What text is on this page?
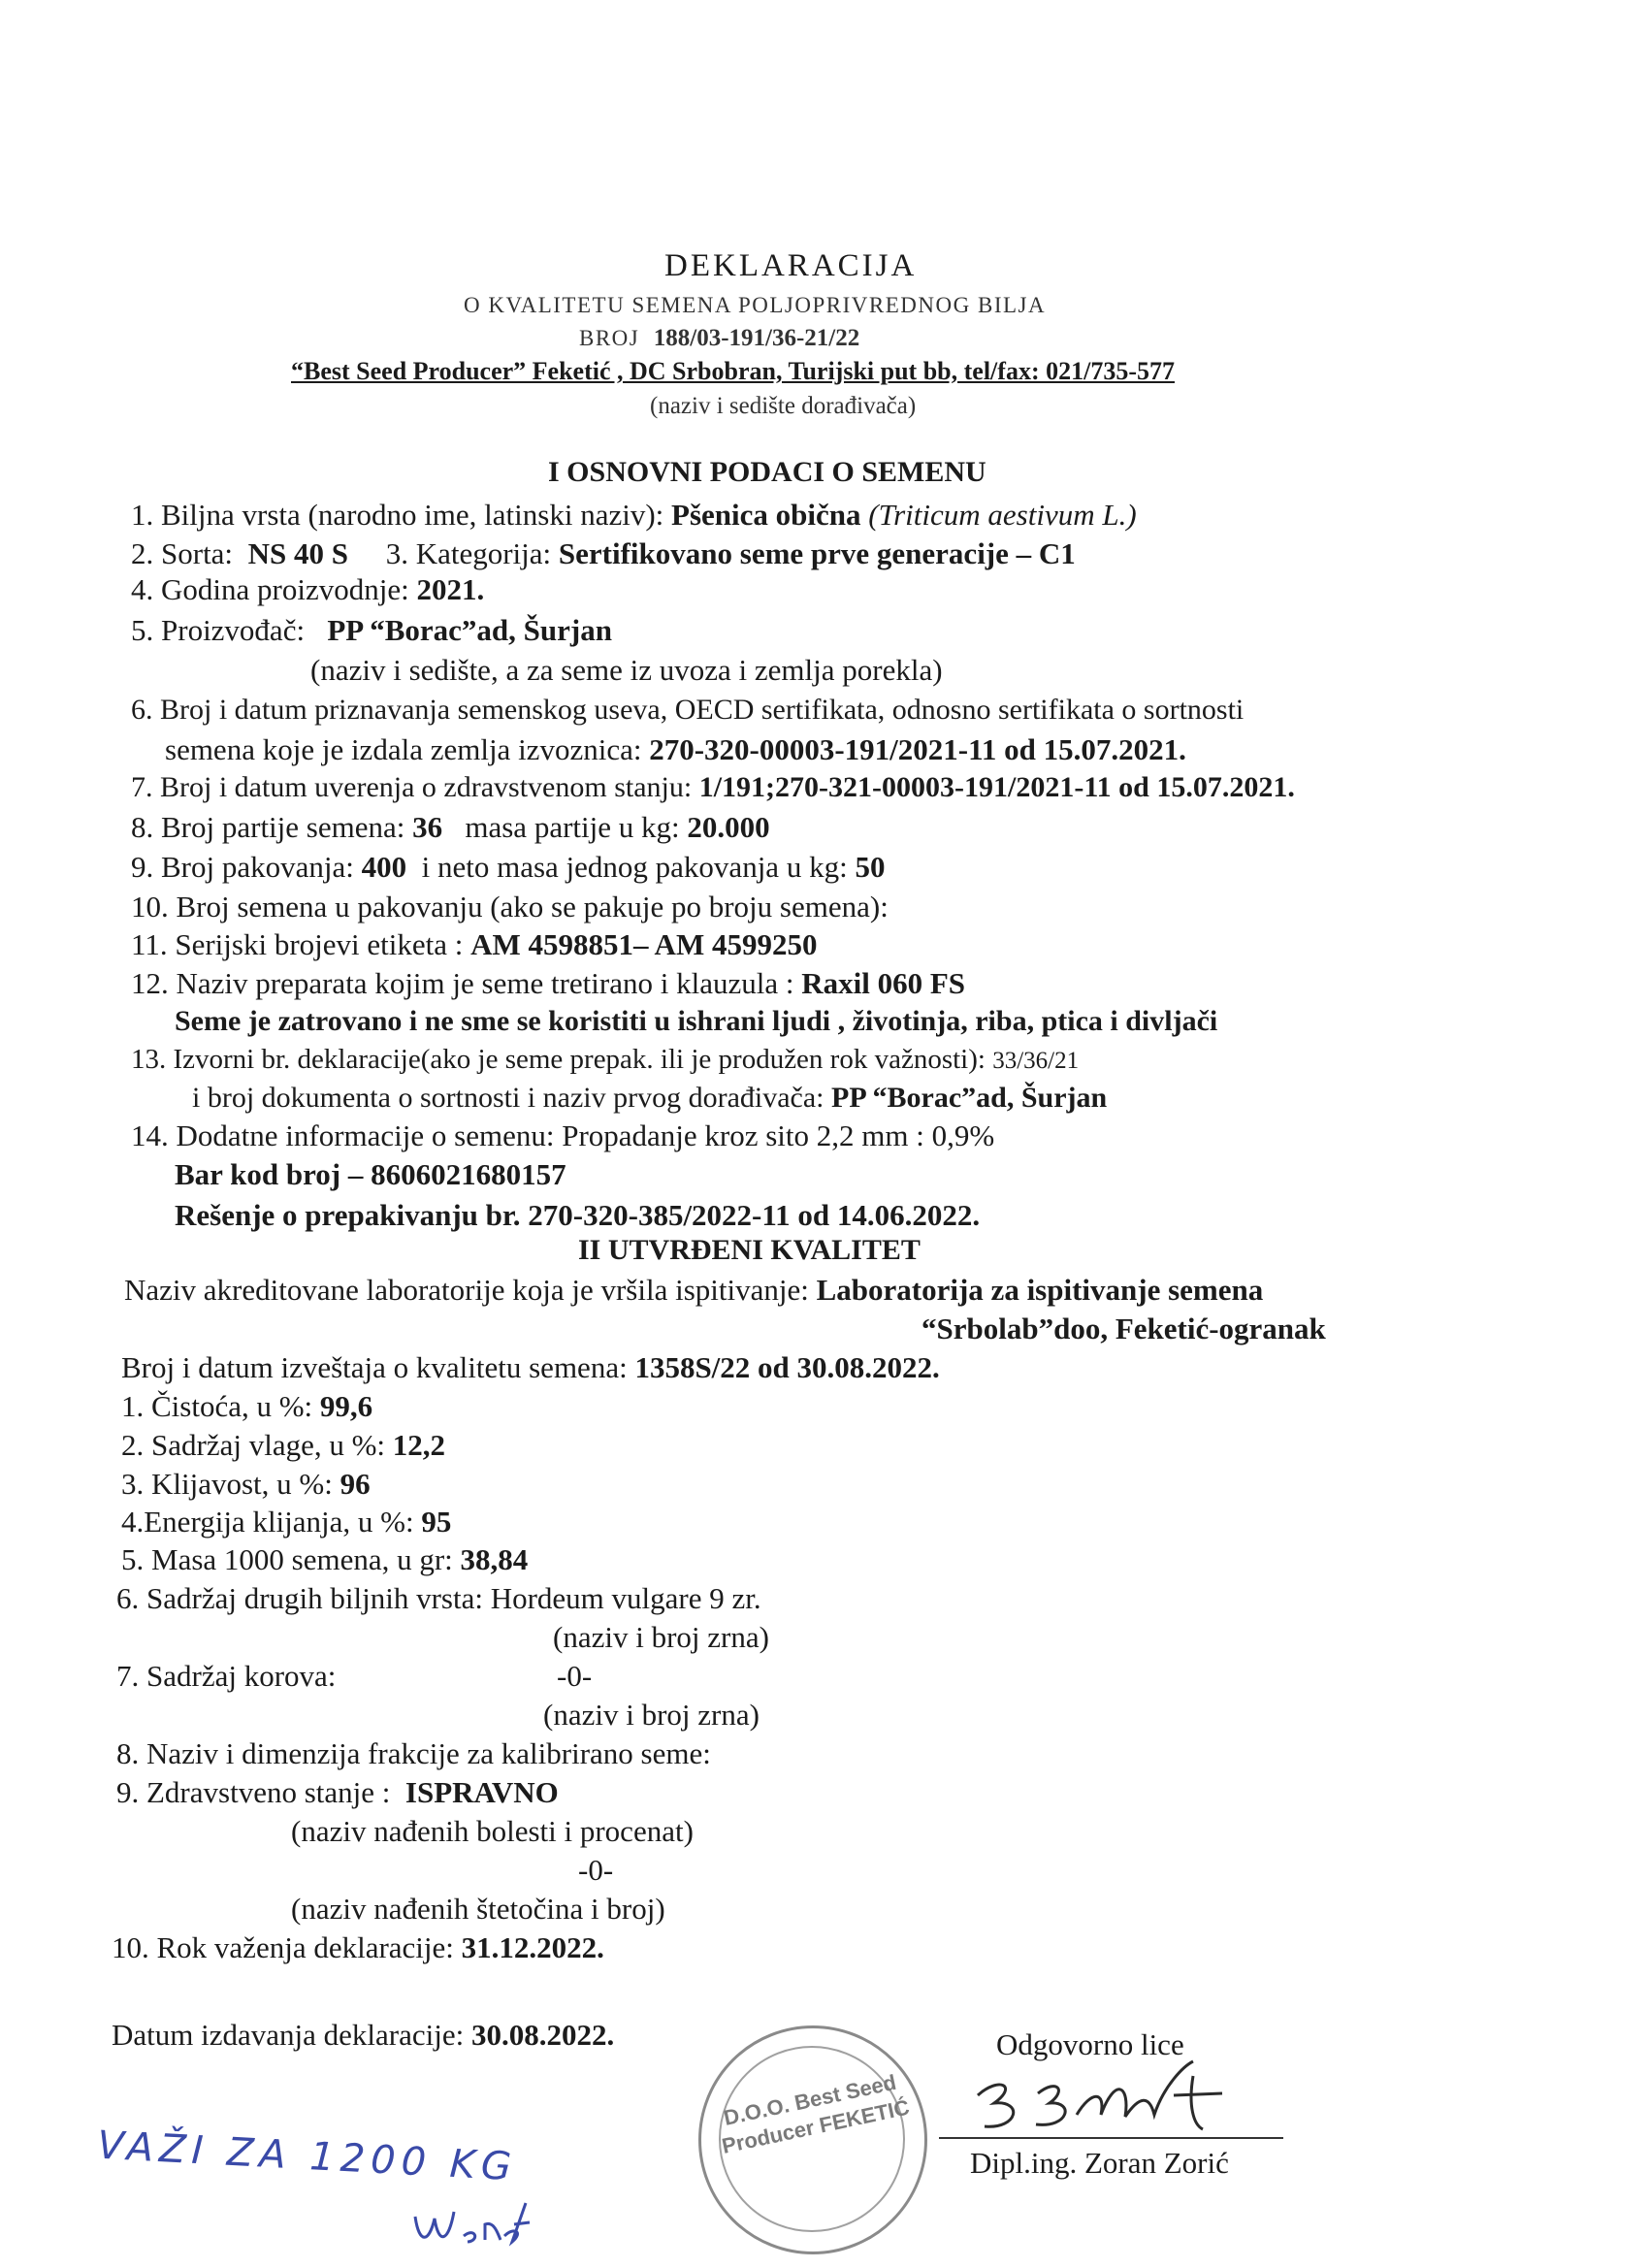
DEKLARACIJA
O KVALITETU SEMENA POLJOPRIVREDNOG BILJA
BROJ 188/03-191/36-21/22
“Best Seed Producer” Feketić , DC Srbobran, Turijski put bb, tel/fax: 021/735-577
(naziv i sedište dorađivača)
I OSNOVNI PODACI O SEMENU
1. Biljna vrsta (narodno ime, latinski naziv): Pšenica obična (Triticum aestivum L.)
2. Sorta: NS 40 S 3. Kategorija: Sertifikovano seme prve generacije – C1
4. Godina proizvodnje: 2021.
5. Proizvođač: PP “Borac”ad, Šurjan
(naziv i sedište, a za seme iz uvoza i zemlja porekla)
6. Broj i datum priznavanja semenskog useva, OECD sertifikata, odnosno sertifikata o sortnosti
semena koje je izdala zemlja izvoznica: 270-320-00003-191/2021-11 od 15.07.2021.
7. Broj i datum uverenja o zdravstvenom stanju: 1/191;270-321-00003-191/2021-11 od 15.07.2021.
8. Broj partije semena: 36 masa partije u kg: 20.000
9. Broj pakovanja: 400 i neto masa jednog pakovanja u kg: 50
10. Broj semena u pakovanju (ako se pakuje po broju semena):
11. Serijski brojevi etiketa : AM 4598851– AM 4599250
12. Naziv preparata kojim je seme tretirano i klauzula : Raxil 060 FS
Seme je zatrovano i ne sme se koristiti u ishrani ljudi , životinja, riba, ptica i divljači
13. Izvorni br. deklaracije(ako je seme prepak. ili je produžen rok važnosti): 33/36/21
i broj dokumenta o sortnosti i naziv prvog dorađivača: PP “Borac”ad, Šurjan
14. Dodatne informacije o semenu: Propadanje kroz sito 2,2 mm : 0,9%
Bar kod broj – 8606021680157
Rešenje o prepakivanju br. 270-320-385/2022-11 od 14.06.2022.
II UTVRĐENI KVALITET
Naziv akreditovane laboratorije koja je vršila ispitivanje: Laboratorija za ispitivanje semena
“Srbolab”doo, Feketić-ogranak
Broj i datum izveštaja o kvalitetu semena: 1358S/22 od 30.08.2022.
1. Čistoća, u %: 99,6
2. Sadržaj vlage, u %: 12,2
3. Klijavost, u %: 96
4.Energija klijanja, u %: 95
5. Masa 1000 semena, u gr: 38,84
6. Sadržaj drugih biljnih vrsta: Hordeum vulgare 9 zr.
(naziv i broj zrna)
7. Sadržaj korova:	-0-
(naziv i broj zrna)
8. Naziv i dimenzija frakcije za kalibrirano seme:
9. Zdravstveno stanje : ISPRAVNO
(naziv nađenih bolesti i procenat)
-0-
(naziv nađenih štetočina i broj)
10. Rok važenja deklaracije: 31.12.2022.
Datum izdavanja deklaracije: 30.08.2022.	Odgovorno lice
Dipl.ing. Zoran Zorić
D.O.O. Best Seed Producer FEKETIĆ
VAŽI ZA 1200 KG
